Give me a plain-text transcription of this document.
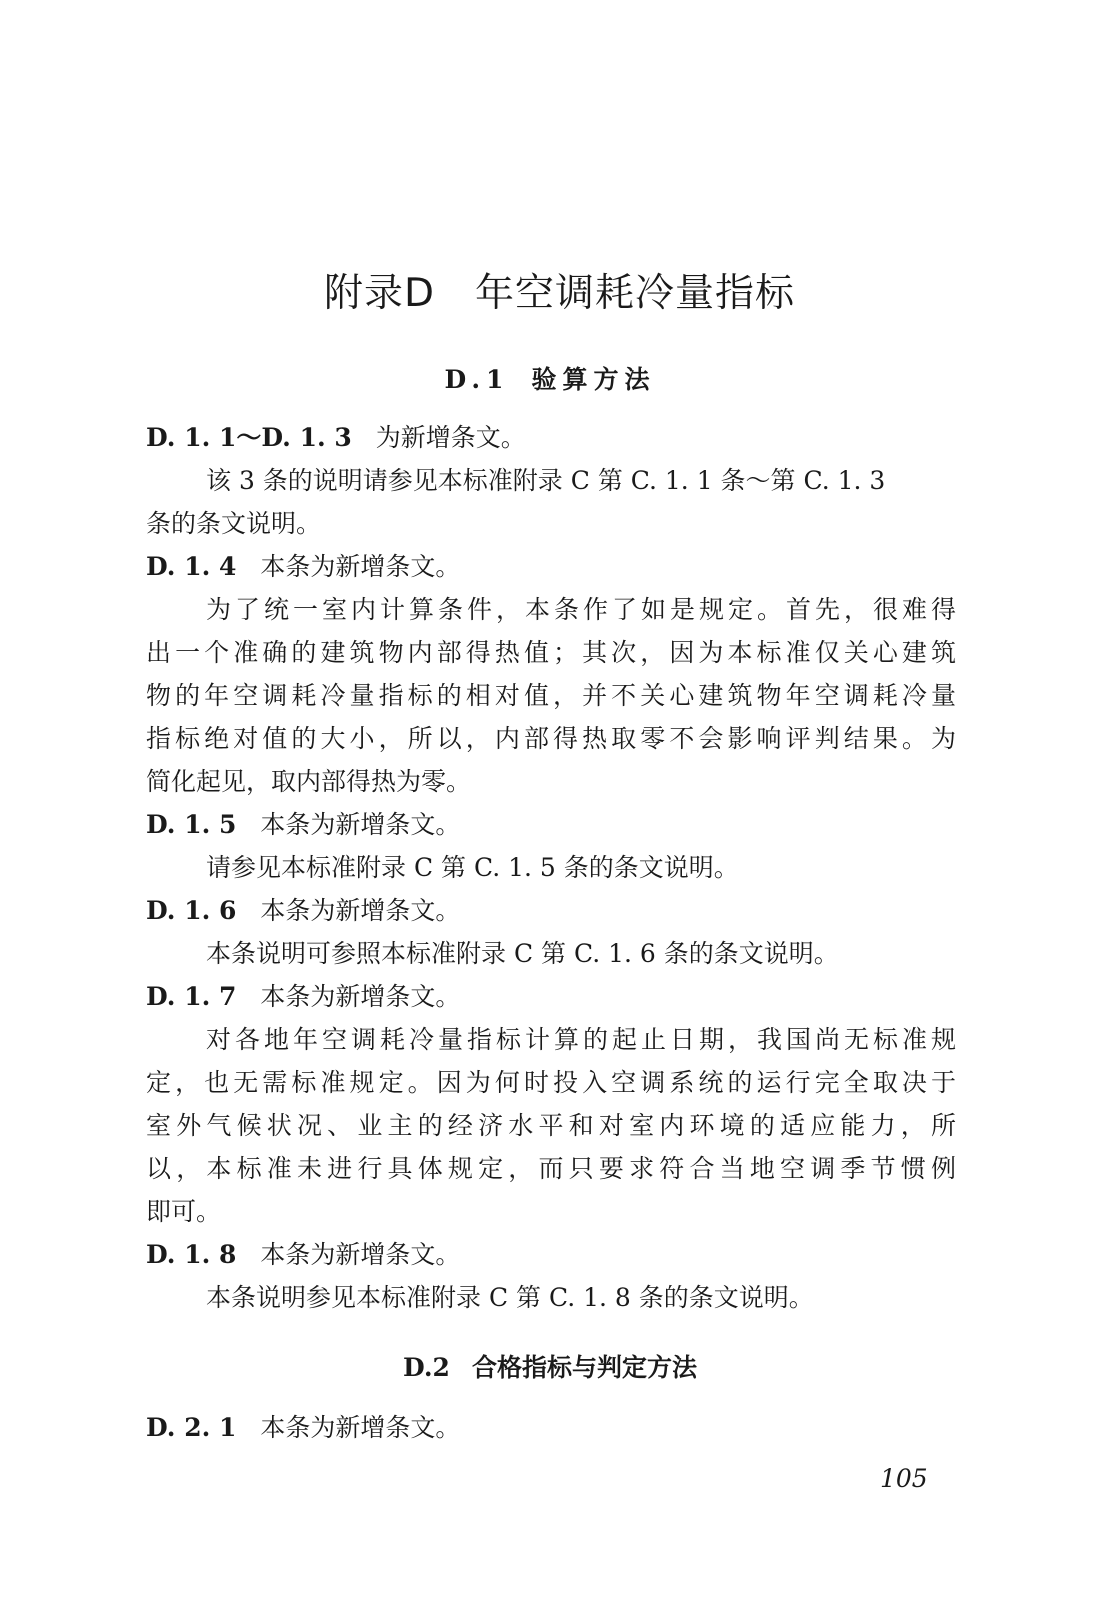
附录D　年空调耗冷量指标
D.1 验算方法
D. 1. 1～D. 1. 3 为新增条文。
该 3 条的说明请参见本标准附录 C 第 C. 1. 1 条～第 C. 1. 3
条的条文说明。
D. 1. 4 本条为新增条文。
为了统一室内计算条件，本条作了如是规定。首先，很难得
出一个准确的建筑物内部得热值；其次，因为本标准仅关心建筑
物的年空调耗冷量指标的相对值，并不关心建筑物年空调耗冷量
指标绝对值的大小，所以，内部得热取零不会影响评判结果。为
简化起见，取内部得热为零。
D. 1. 5 本条为新增条文。
请参见本标准附录 C 第 C. 1. 5 条的条文说明。
D. 1. 6 本条为新增条文。
本条说明可参照本标准附录 C 第 C. 1. 6 条的条文说明。
D. 1. 7 本条为新增条文。
对各地年空调耗冷量指标计算的起止日期，我国尚无标准规
定，也无需标准规定。因为何时投入空调系统的运行完全取决于
室外气候状况、业主的经济水平和对室内环境的适应能力，所
以，本标准未进行具体规定，而只要求符合当地空调季节惯例
即可。
D. 1. 8 本条为新增条文。
本条说明参见本标准附录 C 第 C. 1. 8 条的条文说明。
D.2 合格指标与判定方法
D. 2. 1 本条为新增条文。
105
